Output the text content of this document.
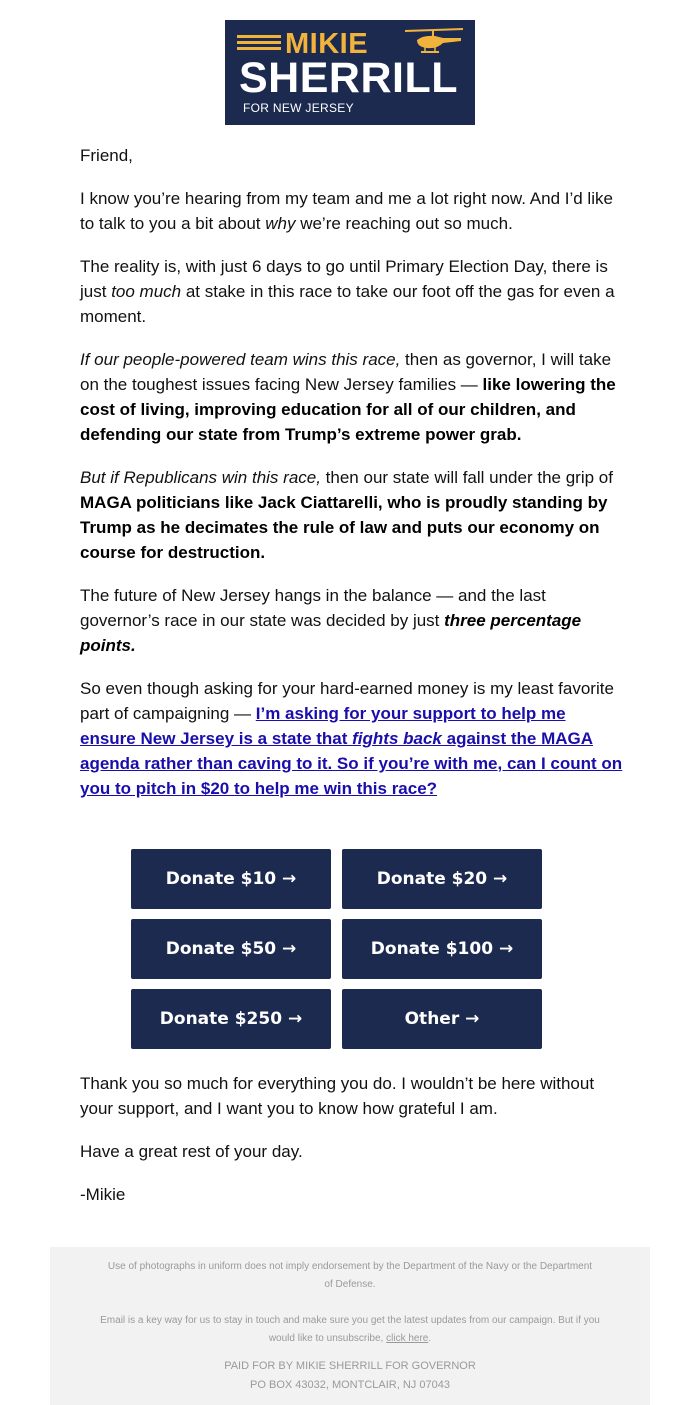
MIKIE
SHERRILL
FOR NEW JERSEY

Friend,

I know you’re hearing from my team and me a lot right now. And I’d like to talk to you a bit about why we’re reaching out so much.

The reality is, with just 6 days to go until Primary Election Day, there is just too much at stake in this race to take our foot off the gas for even a moment.

If our people-powered team wins this race, then as governor, I will take on the toughest issues facing New Jersey families — like lowering the cost of living, improving education for all of our children, and defending our state from Trump’s extreme power grab.

But if Republicans win this race, then our state will fall under the grip of MAGA politicians like Jack Ciattarelli, who is proudly standing by Trump as he decimates the rule of law and puts our economy on course for destruction.

The future of New Jersey hangs in the balance — and the last governor’s race in our state was decided by just three percentage points.

So even though asking for your hard-earned money is my least favorite part of campaigning — I’m asking for your support to help me ensure New Jersey is a state that fights back against the MAGA agenda rather than caving to it. So if you’re with me, can I count on you to pitch in $20 to help me win this race?

Donate $10 →	Donate $20 →
Donate $50 →	Donate $100 →
Donate $250 →	Other →

Thank you so much for everything you do. I wouldn’t be here without your support, and I want you to know how grateful I am.

Have a great rest of your day.

-Mikie

Use of photographs in uniform does not imply endorsement by the Department of the Navy or the Department of Defense.
Email is a key way for us to stay in touch and make sure you get the latest updates from our campaign. But if you would like to unsubscribe, click here.
PAID FOR BY MIKIE SHERRILL FOR GOVERNOR
PO BOX 43032, MONTCLAIR, NJ 07043
